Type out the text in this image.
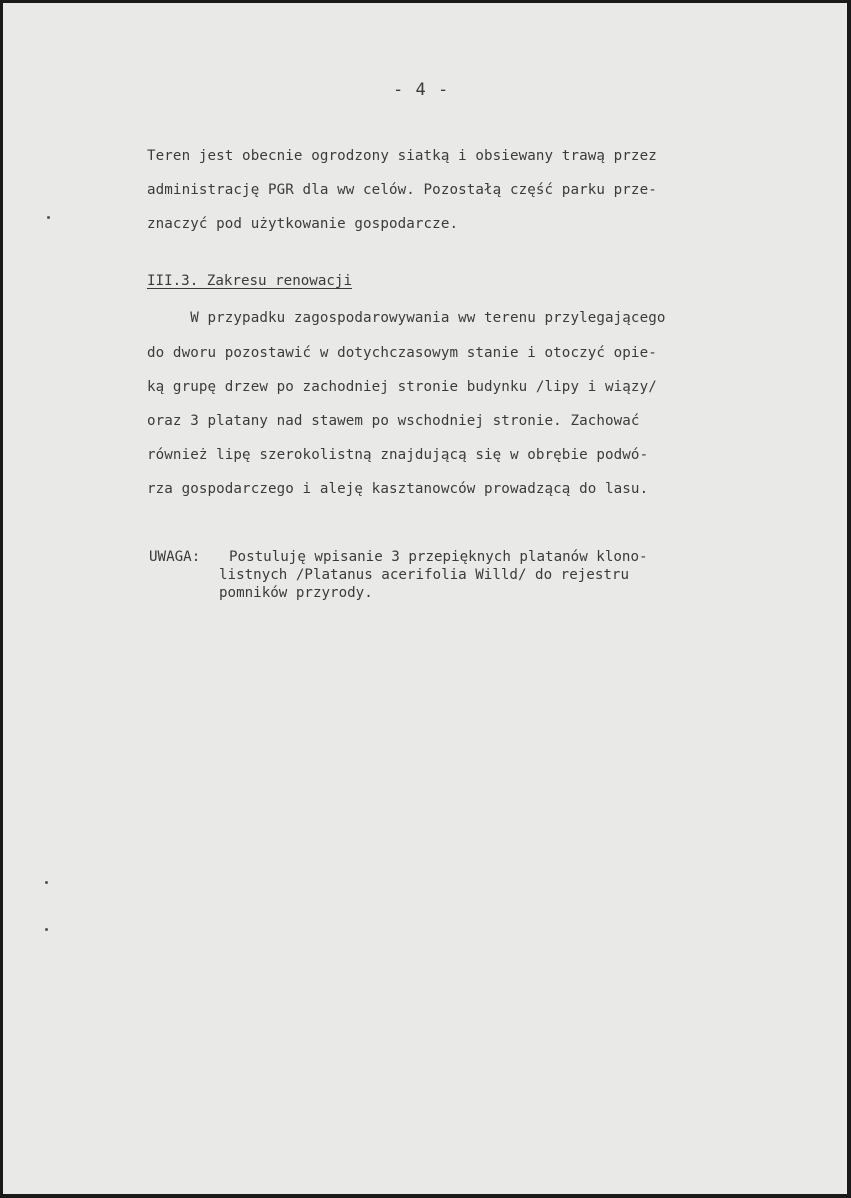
- 4 -
Teren jest obecnie ogrodzony siatką i obsiewany trawą przez
administrację PGR dla ww celów. Pozostałą część parku prze-
znaczyć pod użytkowanie gospodarcze.
III.3. Zakresu renowacji
W przypadku zagospodarowywania ww terenu przylegającego
do dworu pozostawić w dotychczasowym stanie i otoczyć opie-
ką grupę drzew po zachodniej stronie budynku /lipy i wiązy/
oraz 3 platany nad stawem po wschodniej stronie. Zachować
również lipę szerokolistną znajdującą się w obrębie podwó-
rza gospodarczego i aleję kasztanowców prowadzącą do lasu.
UWAGA: Postuluję wpisanie 3 przepięknych platanów klono-
listnych /Platanus acerifolia Willd/ do rejestru
pomników przyrody.
